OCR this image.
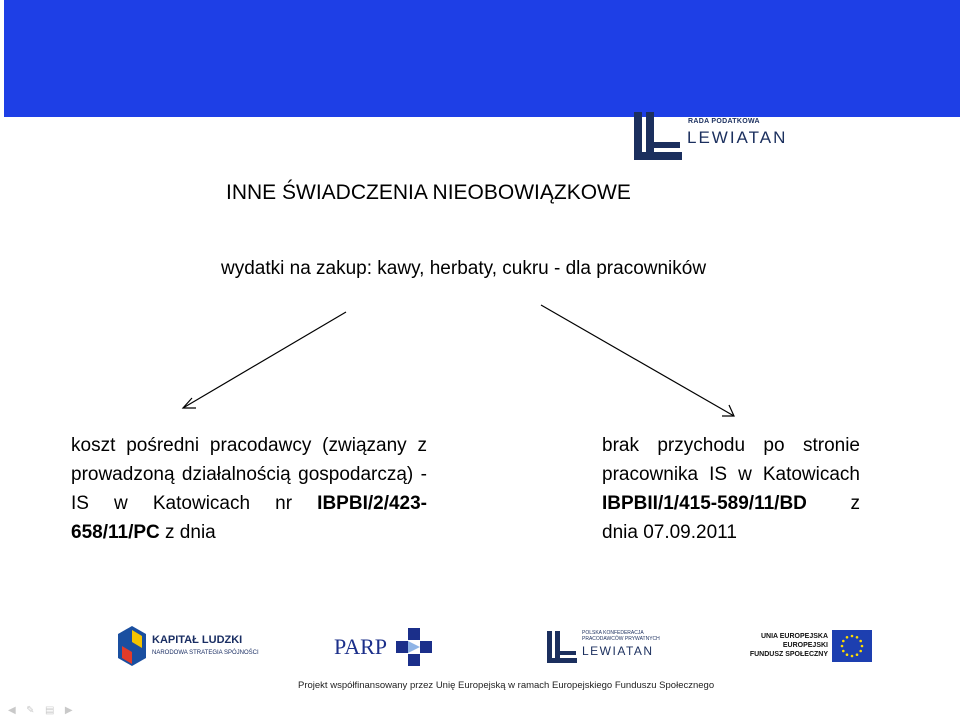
RADA PODATKOWA
LEWIATAN
INNE ŚWIADCZENIA NIEOBOWIĄZKOWE
wydatki na zakup: kawy, herbaty, cukru - dla pracowników
koszt pośredni pracodawcy (związany z prowadzoną działalnością gospodarczą) -IS w Katowicach nr IBPBI/2/423-658/11/PC z dnia
brak przychodu po stronie pracownika IS w Katowicach IBPBII/1/415-589/11/BD z dnia 07.09.2011
KAPITAŁ LUDZKI
NARODOWA STRATEGIA SPÓJNOŚCI	PARP
POLSKA KONFEDERACJA
PRACODAWCÓW PRYWATNYCH
LEWIATAN
UNIA EUROPEJSKA
EUROPEJSKI
FUNDUSZ SPOŁECZNY
Projekt współfinansowany przez Unię Europejską w ramach Europejskiego Funduszu Społecznego
◀ ✎ ▤ ▶
